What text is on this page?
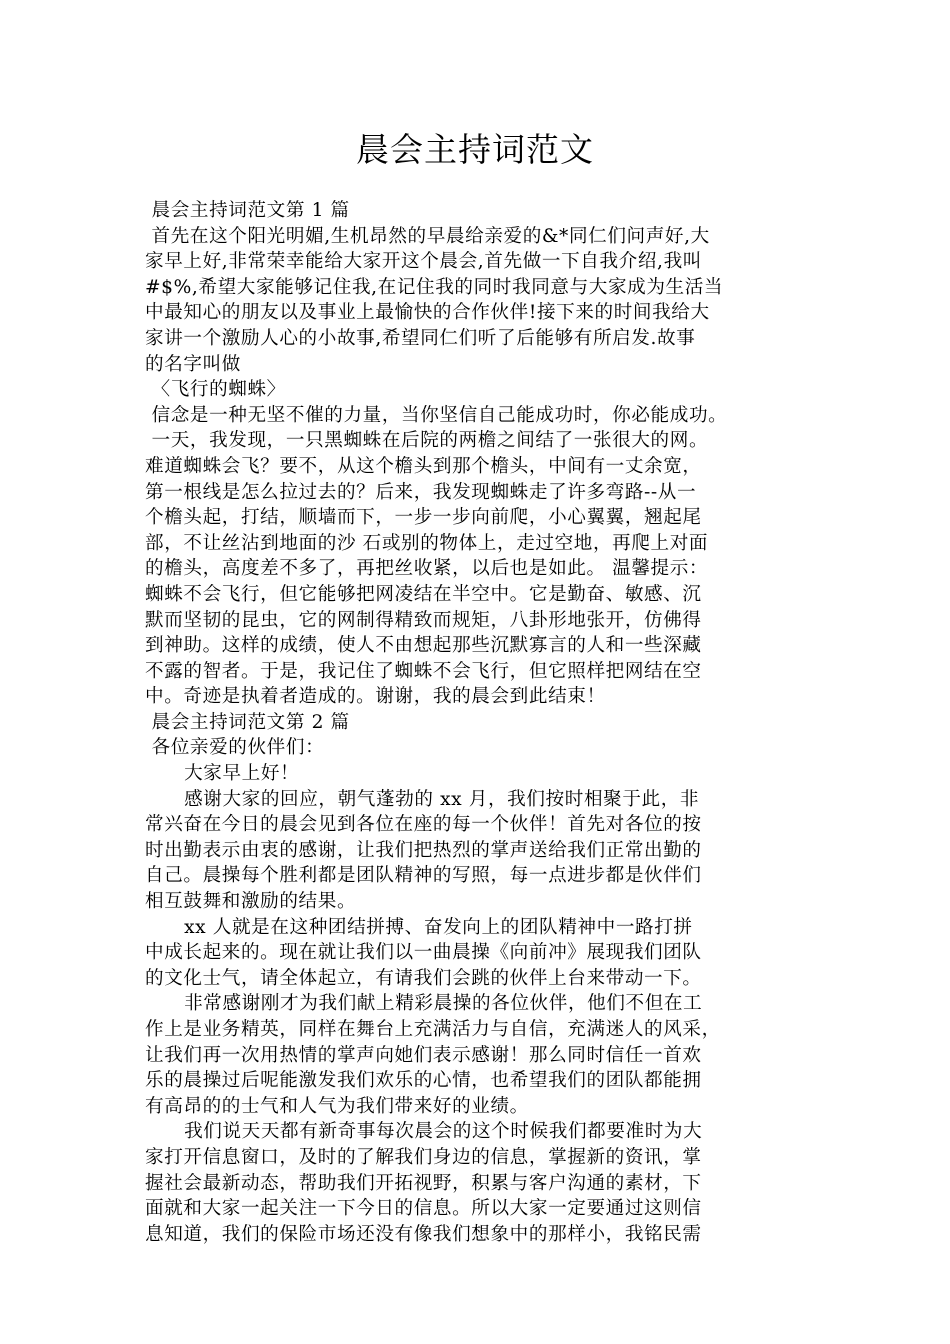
晨会主持词范文
晨会主持词范文第 1 篇
首先在这个阳光明媚,生机昂然的早晨给亲爱的&*同仁们问声好,大
家早上好,非常荣幸能给大家开这个晨会,首先做一下自我介绍,我叫
#$%,希望大家能够记住我,在记住我的同时我同意与大家成为生活当
中最知心的朋友以及事业上最愉快的合作伙伴!接下来的时间我给大
家讲一个激励人心的小故事,希望同仁们听了后能够有所启发.故事
的名字叫做
〈飞行的蜘蛛〉
信念是一种无坚不催的力量，当你坚信自己能成功时，你必能成功。
一天，我发现，一只黑蜘蛛在后院的两檐之间结了一张很大的网。
难道蜘蛛会飞？要不，从这个檐头到那个檐头，中间有一丈余宽，
第一根线是怎么拉过去的？后来，我发现蜘蛛走了许多弯路--从一
个檐头起，打结，顺墙而下，一步一步向前爬，小心翼翼，翘起尾
部，不让丝沾到地面的沙 石或别的物体上，走过空地，再爬上对面
的檐头，高度差不多了，再把丝收紧，以后也是如此。 温馨提示：
蜘蛛不会飞行，但它能够把网凌结在半空中。它是勤奋、敏感、沉
默而坚韧的昆虫，它的网制得精致而规矩，八卦形地张开，仿佛得
到神助。这样的成绩，使人不由想起那些沉默寡言的人和一些深藏
不露的智者。于是，我记住了蜘蛛不会飞行，但它照样把网结在空
中。奇迹是执着者造成的。谢谢，我的晨会到此结束！
晨会主持词范文第 2 篇
各位亲爱的伙伴们：
大家早上好！
感谢大家的回应，朝气蓬勃的 xx 月，我们按时相聚于此，非
常兴奋在今日的晨会见到各位在座的每一个伙伴！首先对各位的按
时出勤表示由衷的感谢，让我们把热烈的掌声送给我们正常出勤的
自己。晨操每个胜利都是团队精神的写照，每一点进步都是伙伴们
相互鼓舞和激励的结果。
xx 人就是在这种团结拼搏、奋发向上的团队精神中一路打拼
中成长起来的。现在就让我们以一曲晨操《向前冲》展现我们团队
的文化士气，请全体起立，有请我们会跳的伙伴上台来带动一下。
非常感谢刚才为我们献上精彩晨操的各位伙伴，他们不但在工
作上是业务精英，同样在舞台上充满活力与自信，充满迷人的风采，
让我们再一次用热情的掌声向她们表示感谢！那么同时信任一首欢
乐的晨操过后呢能激发我们欢乐的心情，也希望我们的团队都能拥
有高昂的的士气和人气为我们带来好的业绩。
我们说天天都有新奇事每次晨会的这个时候我们都要准时为大
家打开信息窗口，及时的了解我们身边的信息，掌握新的资讯，掌
握社会最新动态，帮助我们开拓视野，积累与客户沟通的素材，下
面就和大家一起关注一下今日的信息。所以大家一定要通过这则信
息知道，我们的保险市场还没有像我们想象中的那样小，我铭民需
